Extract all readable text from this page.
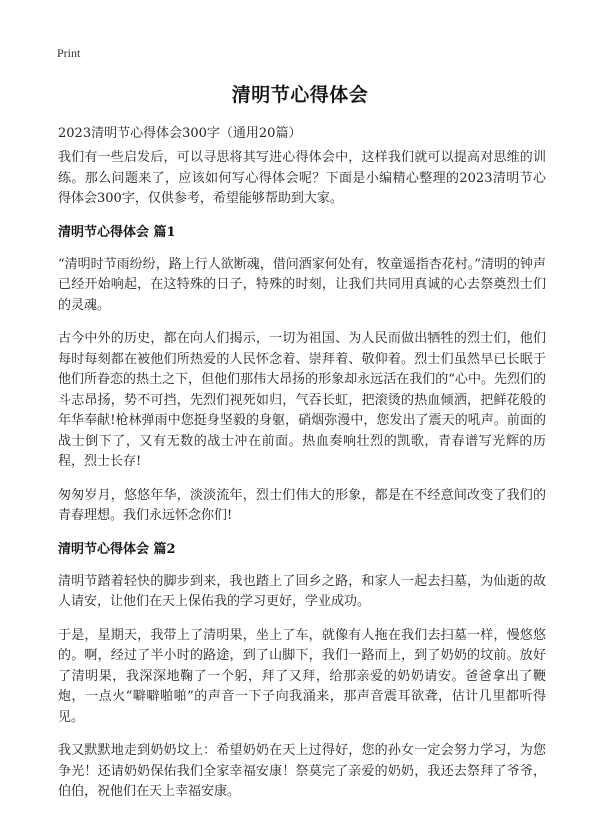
Print
清明节心得体会
2023清明节心得体会300字（通用20篇）

我们有一些启发后，可以寻思将其写进心得体会中，这样我们就可以提高对思维的训练。那么问题来了，应该如何写心得体会呢？下面是小编精心整理的2023清明节心得体会300字，仅供参考，希望能够帮助到大家。

清明节心得体会 篇1

“清明时节雨纷纷，路上行人欲断魂，借问酒家何处有，牧童遥指杏花村。”清明的钟声已经开始响起，在这特殊的日子，特殊的时刻，让我们共同用真诚的心去祭奠烈士们的灵魂。

古今中外的历史，都在向人们揭示，一切为祖国、为人民而做出牺牲的烈士们，他们每时每刻都在被他们所热爱的人民怀念着、崇拜着、敬仰着。烈士们虽然早已长眠于他们所眷恋的热土之下，但他们那伟大昂扬的形象却永远活在我们的“心中。先烈们的斗志昂扬，势不可挡，先烈们视死如归，气吞长虹，把滚烫的热血倾洒，把鲜花般的年华奉献!枪林弹雨中您挺身坚毅的身躯，硝烟弥漫中，您发出了震天的吼声。前面的战士倒下了，又有无数的战士冲在前面。热血奏响壮烈的凯歌，青春谱写光辉的历程，烈士长存!

匆匆岁月，悠悠年华，淡淡流年，烈士们伟大的形象，都是在不经意间改变了我们的青春理想。我们永远怀念你们!

清明节心得体会 篇2

清明节踏着轻快的脚步到来，我也踏上了回乡之路，和家人一起去扫墓，为仙逝的故人请安，让他们在天上保佑我的学习更好，学业成功。

于是，星期天，我带上了清明果，坐上了车，就像有人拖在我们去扫墓一样，慢悠悠的。啊，经过了半小时的路途，到了山脚下，我们一路而上，到了奶奶的坟前。放好了清明果，我深深地鞠了一个躬，拜了又拜，给那亲爱的奶奶请安。爸爸拿出了鞭炮，一点火“噼噼啪啪”的声音一下子向我涌来，那声音震耳欲聋，估计几里都听得见。

我又默默地走到奶奶坟上：希望奶奶在天上过得好，您的孙女一定会努力学习，为您争光！还请奶奶保佑我们全家幸福安康！祭莫完了亲爱的奶奶，我还去祭拜了爷爷，伯伯，祝他们在天上幸福安康。
